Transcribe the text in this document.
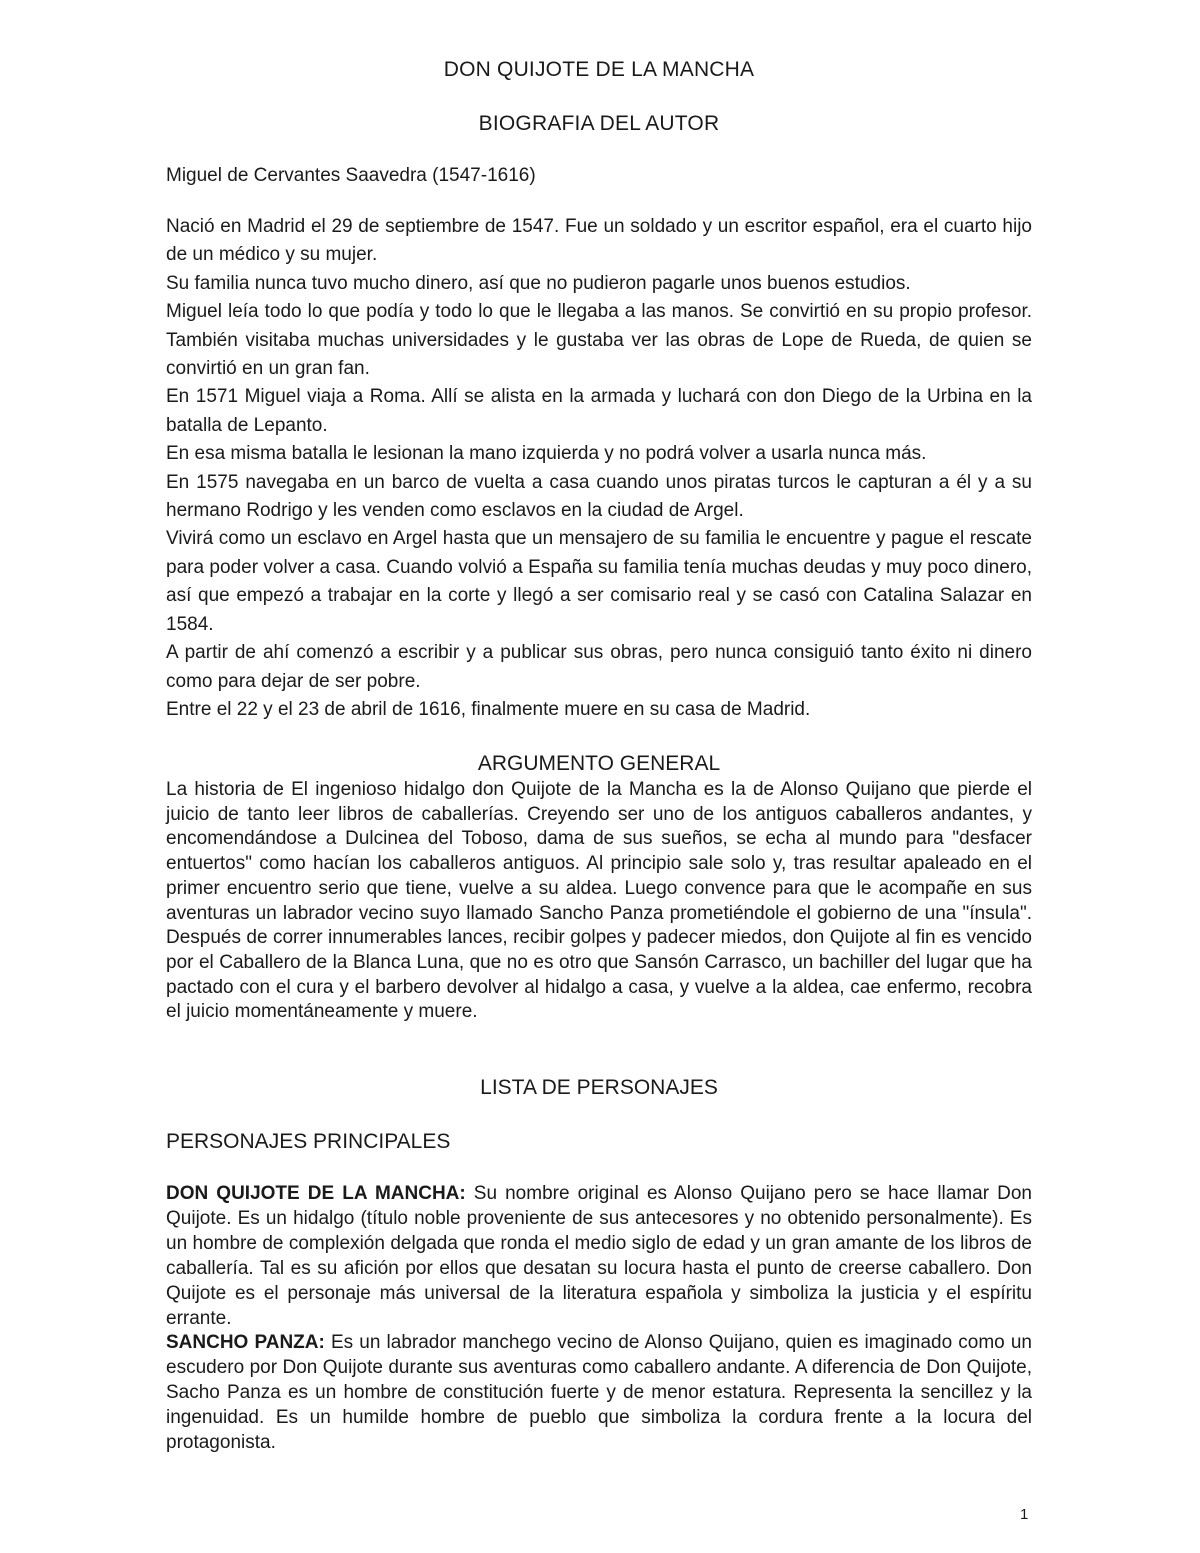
DON QUIJOTE DE LA MANCHA
BIOGRAFIA DEL AUTOR
Miguel de Cervantes Saavedra (1547-1616)

Nació en Madrid el 29 de septiembre de 1547. Fue un soldado y un escritor español, era el cuarto hijo de un médico y su mujer.

Su familia nunca tuvo mucho dinero, así que no pudieron pagarle unos buenos estudios.

Miguel leía todo lo que podía y todo lo que le llegaba a las manos. Se convirtió en su propio profesor. También visitaba muchas universidades y le gustaba ver las obras de Lope de Rueda, de quien se convirtió en un gran fan.

En 1571 Miguel viaja a Roma. Allí se alista en la armada y luchará con don Diego de la Urbina en la batalla de Lepanto.

En esa misma batalla le lesionan la mano izquierda y no podrá volver a usarla nunca más.

En 1575 navegaba en un barco de vuelta a casa cuando unos piratas turcos le capturan a él y a su hermano Rodrigo y les venden como esclavos en la ciudad de Argel.

Vivirá como un esclavo en Argel hasta que un mensajero de su familia le encuentre y pague el rescate para poder volver a casa. Cuando volvió a España su familia tenía muchas deudas y muy poco dinero, así que empezó a trabajar en la corte y llegó a ser comisario real y se casó con Catalina Salazar en 1584.

A partir de ahí comenzó a escribir y a publicar sus obras, pero nunca consiguió tanto éxito ni dinero como para dejar de ser pobre.

Entre el 22 y el 23 de abril de 1616, finalmente muere en su casa de Madrid.

ARGUMENTO GENERAL

La historia de El ingenioso hidalgo don Quijote de la Mancha es la de Alonso Quijano que pierde el juicio de tanto leer libros de caballerías. Creyendo ser uno de los antiguos caballeros andantes, y encomendándose a Dulcinea del Toboso, dama de sus sueños, se echa al mundo para "desfacer entuertos" como hacían los caballeros antiguos. Al principio sale solo y, tras resultar apaleado en el primer encuentro serio que tiene, vuelve a su aldea. Luego convence para que le acompañe en sus aventuras un labrador vecino suyo llamado Sancho Panza prometiéndole el gobierno de una "ínsula". Después de correr innumerables lances, recibir golpes y padecer miedos, don Quijote al fin es vencido por el Caballero de la Blanca Luna, que no es otro que Sansón Carrasco, un bachiller del lugar que ha pactado con el cura y el barbero devolver al hidalgo a casa, y vuelve a la aldea, cae enfermo, recobra el juicio momentáneamente y muere.

LISTA DE PERSONAJES
PERSONAJES PRINCIPALES

DON QUIJOTE DE LA MANCHA: Su nombre original es Alonso Quijano pero se hace llamar Don Quijote. Es un hidalgo (título noble proveniente de sus antecesores y no obtenido personalmente). Es un hombre de complexión delgada que ronda el medio siglo de edad y un gran amante de los libros de caballería. Tal es su afición por ellos que desatan su locura hasta el punto de creerse caballero. Don Quijote es el personaje más universal de la literatura española y simboliza la justicia y el espíritu errante.

SANCHO PANZA: Es un labrador manchego vecino de Alonso Quijano, quien es imaginado como un escudero por Don Quijote durante sus aventuras como caballero andante. A diferencia de Don Quijote, Sacho Panza es un hombre de constitución fuerte y de menor estatura. Representa la sencillez y la ingenuidad. Es un humilde hombre de pueblo que simboliza la cordura frente a la locura del protagonista.

1
